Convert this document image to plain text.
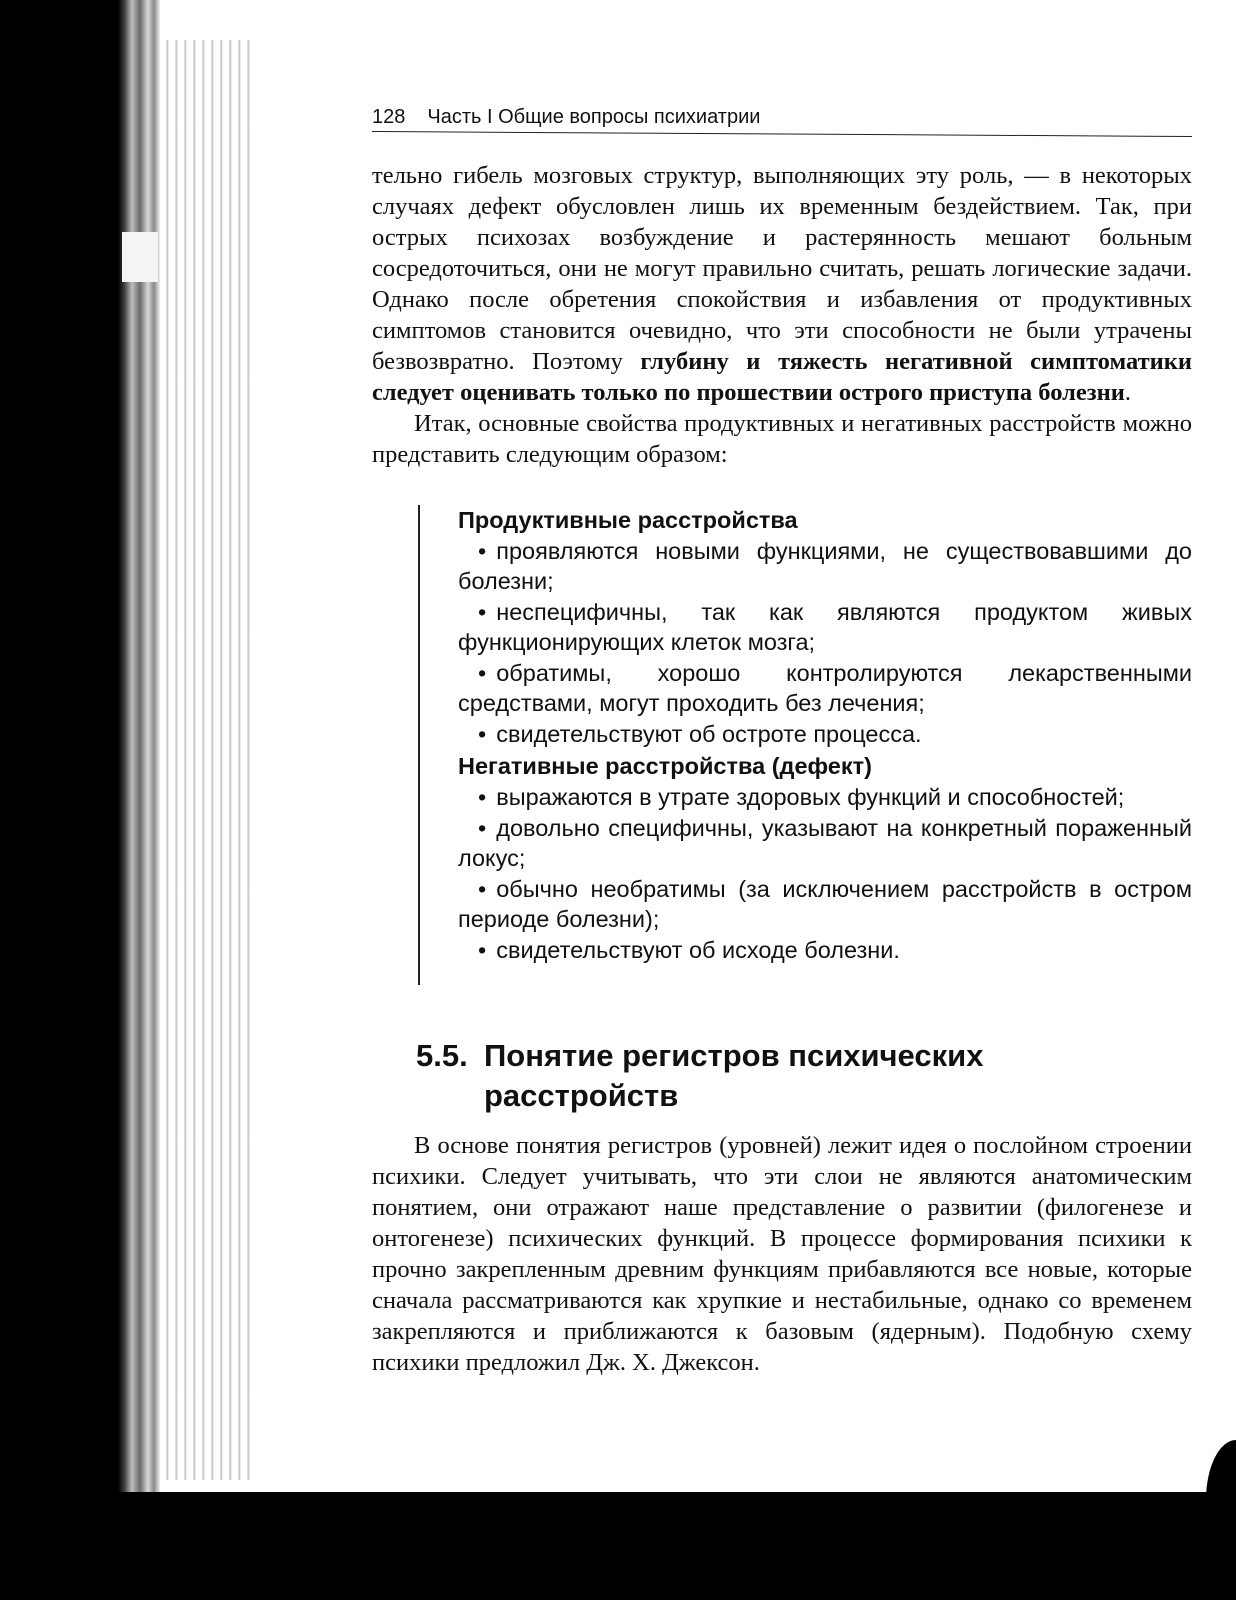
128 Часть I Общие вопросы психиатрии
тельно гибель мозговых структур, выполняющих эту роль, — в некоторых случаях дефект обусловлен лишь их временным бездействием. Так, при острых психозах возбуждение и растерянность мешают больным сосредоточиться, они не могут правильно считать, решать логические задачи. Однако после обретения спокойствия и избавления от продуктивных симптомов становится очевидно, что эти способности не были утрачены безвозвратно. Поэтому глубину и тяжесть негативной симптоматики следует оценивать только по прошествии острого приступа болезни.
Итак, основные свойства продуктивных и негативных расстройств можно представить следующим образом:
Продуктивные расстройства
• проявляются новыми функциями, не существовавшими до болезни;
• неспецифичны, так как являются продуктом живых функционирующих клеток мозга;
• обратимы, хорошо контролируются лекарственными средствами, могут проходить без лечения;
• свидетельствуют об остроте процесса.
Негативные расстройства (дефект)
• выражаются в утрате здоровых функций и способностей;
• довольно специфичны, указывают на конкретный пораженный локус;
• обычно необратимы (за исключением расстройств в остром периоде болезни);
• свидетельствуют об исходе болезни.
5.5. Понятие регистров психических
расстройств
В основе понятия регистров (уровней) лежит идея о послойном строении психики. Следует учитывать, что эти слои не являются анатомическим понятием, они отражают наше представление о развитии (филогенезе и онтогенезе) психических функций. В процессе формирования психики к прочно закрепленным древним функциям прибавляются все новые, которые сначала рассматриваются как хрупкие и нестабильные, однако со временем закрепляются и приближаются к базовым (ядерным). Подобную схему психики предложил Дж. Х. Джексон.
